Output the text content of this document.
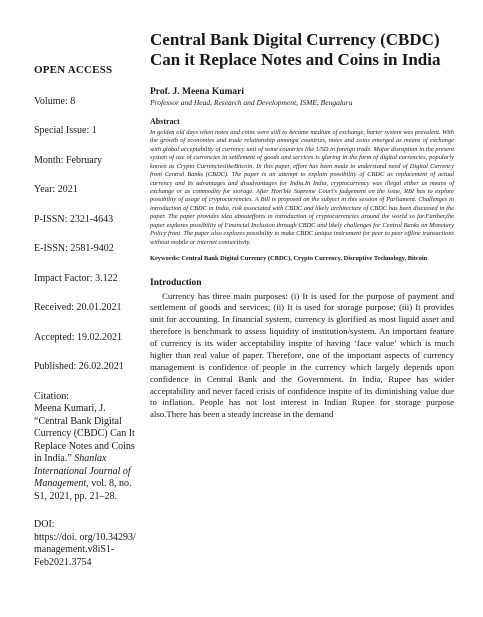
OPEN ACCESS
Volume: 8
Special Issue: 1
Month: February
Year: 2021
P-ISSN: 2321-4643
E-ISSN: 2581-9402
Impact Factor: 3.122
Received: 20.01.2021
Accepted: 19.02.2021
Published: 26.02.2021
Citation:
Meena Kumari, J. “Central Bank Digital Currency (CBDC) Can It Replace Notes and Coins in India.” Shanlax International Journal of Management, vol. 8, no. S1, 2021, pp. 21–28.
DOI:
https://doi. org/10.34293/ management.v8iS1- Feb2021.3754
Central Bank Digital Currency (CBDC) Can it Replace Notes and Coins in India

Prof. J. Meena Kumari

Professor and Head, Research and Development, ISME, Bengaluru

Abstract

In golden old days when notes and coins were still to become medium of exchange, barter system was prevalent. With the growth of economies and trade relationship amongst countries, notes and coins emerged as means of exchange with global acceptability of currency unit of some countries like USD in foreign trade. Major disruption in the present system of use of currencies in settlement of goods and services is glaring in the form of digital currencies, popularly known as Crypto CurrencieslikeBitcoin. In this paper, effort has been made to understand need of Digital Currency from Central Banks (CBDC). The paper is an attempt to explain possibility of CBDC as replacement of actual currency and its advantages and disadvantages for India.In India, cryptocurrency was illegal either as means of exchange or as commodity for storage. After Hon'ble Supreme Court's judgement on the issue, RBI has to explore possibility of usage of cryptocurrencies. A Bill is proposed on the subject in this session of Parliament. Challenges in introduction of CBDC in India, risk associated with CBDC and likely architecture of CBDC has been discussed in the paper. The paper provides idea aboutefforts in introduction of cryptocurrencies around the world so far.Further,the paper explores possibility of Financial Inclusion through CBDC and likely challenges for Central Banks on Monetary Policy front. The paper also explores possibility to make CBDC unique instrument for peer to peer offline transactions without mobile or internet connectivity.

Keywords: Central Bank Digital Currency (CBDC), Crypto Currency, Disruptive Technology, Bitcoin

Introduction

Currency has three main purposes: (i) It is used for the purpose of payment and settlement of goods and services; (ii) It is used for storage purpose; (iii) It provides unit for accounting. In financial system, currency is glorified as most liquid asset and therefore is benchmark to assess liquidity of institution/system. An important feature of currency is its wider acceptability inspite of having ‘face value’ which is much higher than real value of paper. Therefore, one of the important aspects of currency management is confidence of people in the currency which largely depends upon confidence in Central Bank and the Government. In India, Rupee has wider acceptability and never faced crisis of confidence inspite of its diminishing value due to inflation. People has not lost interest in Indian Rupee for storage purpose also.There has been a steady increase in the demand
